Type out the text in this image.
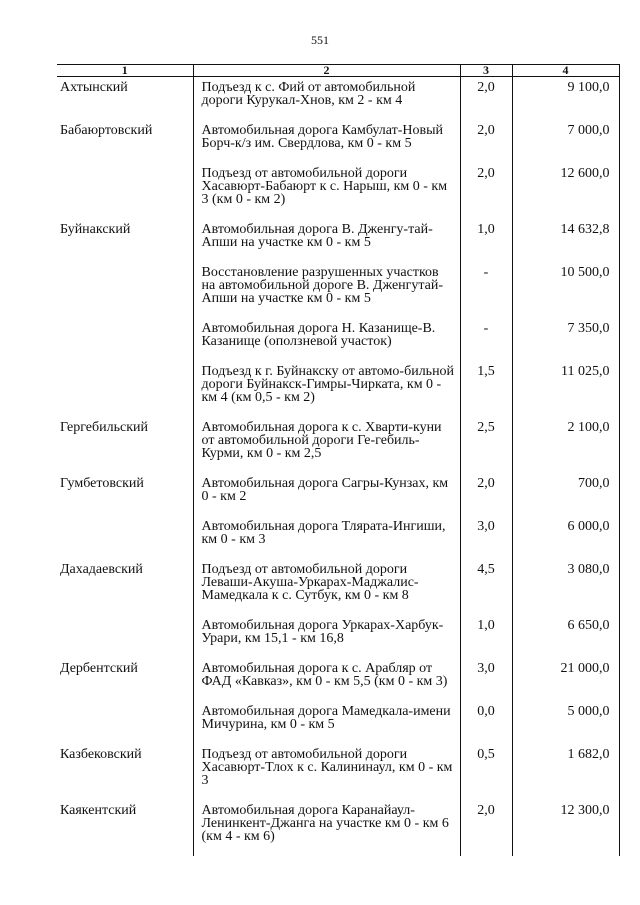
551
1	2	3	4
Ахтынский	Подъезд к с. Фий от автомобильной дороги Курукал-Хнов, км 2 - км 4	2,0	9 100,0
Бабаюртовский	Автомобильная дорога Камбулат-Новый Борч-к/з им. Свердлова, км 0 - км 5	2,0	7 000,0
	Подъезд от автомобильной дороги Хасавюрт-Бабаюрт к с. Нарыш, км 0 - км 3 (км 0 - км 2)	2,0	12 600,0
Буйнакский	Автомобильная дорога В. Дженгу-тай-Апши на участке км 0 - км 5	1,0	14 632,8
	Восстановление разрушенных участков на автомобильной дороге В. Дженгутай-Апши на участке км 0 - км 5	-	10 500,0
	Автомобильная дорога Н. Казанище-В. Казанище (оползневой участок)	-	7 350,0
	Подъезд к г. Буйнакску от автомо-бильной дороги Буйнакск-Гимры-Чирката, км 0 - км 4 (км 0,5 - км 2)	1,5	11 025,0
Гергебильский	Автомобильная дорога к с. Хварти-куни от автомобильной дороги Ге-гебиль-Курми, км 0 - км 2,5	2,5	2 100,0
Гумбетовский	Автомобильная дорога Сагры-Кунзах, км 0 - км 2	2,0	700,0
	Автомобильная дорога Тлярата-Ингиши, км 0 - км 3	3,0	6 000,0
Дахадаевский	Подъезд от автомобильной дороги Леваши-Акуша-Уркарах-Маджалис-Мамедкала к с. Сутбук, км 0 - км 8	4,5	3 080,0
	Автомобильная дорога Уркарах-Харбук-Урари, км 15,1 - км 16,8	1,0	6 650,0
Дербентский	Автомобильная дорога к с. Арабляр от ФАД «Кавказ», км 0 - км 5,5 (км 0 - км 3)	3,0	21 000,0
	Автомобильная дорога Мамедкала-имени Мичурина, км 0 - км 5	0,0	5 000,0
Казбековский	Подъезд от автомобильной дороги Хасавюрт-Тлох к с. Калининаул, км 0 - км 3	0,5	1 682,0
Каякентский	Автомобильная дорога Каранайаул-Ленинкент-Джанга на участке км 0 - км 6 (км 4 - км 6)	2,0	12 300,0
